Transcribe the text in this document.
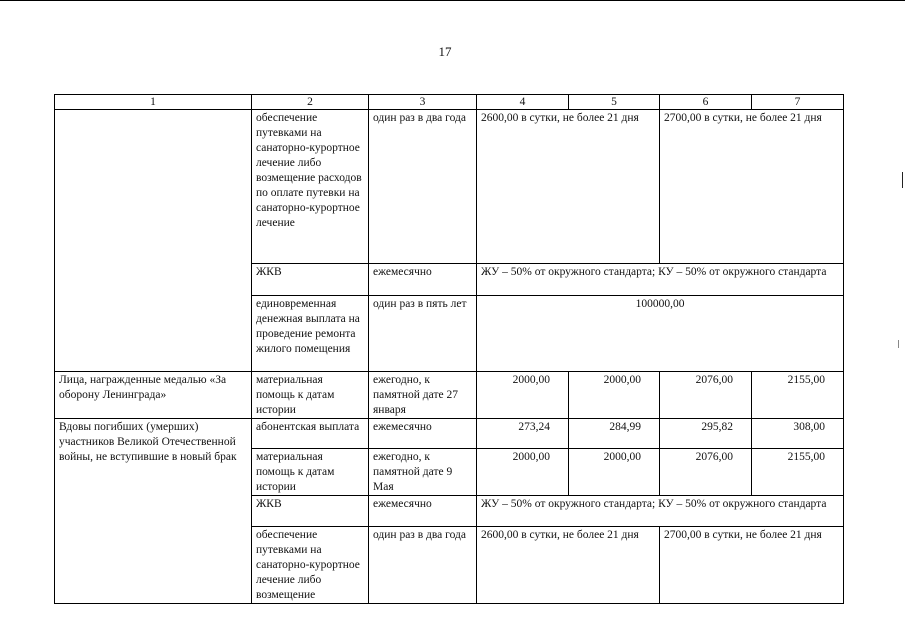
17
1	2	3	4	5	6	7
	обеспечение путевками на санаторно-курортное лечение либо возмещение расходов по оплате путевки на санаторно-курортное лечение	один раз в два года	2600,00 в сутки, не более 21 дня		2700,00 в сутки, не более 21 дня	
	ЖКВ	ежемесячно	ЖУ – 50% от окружного стандарта; КУ – 50% от окружного стандарта			
	единовременная денежная выплата на проведение ремонта жилого помещения	один раз в пять лет	100000,00			
Лица, награжденные медалью «За оборону Ленинграда»	материальная помощь к датам истории	ежегодно, к памятной дате 27 января	2000,00	2000,00	2076,00	2155,00
Вдовы погибших (умерших) участников Великой Отечественной войны, не вступившие в новый брак	абонентская выплата	ежемесячно	273,24	284,99	295,82	308,00
	материальная помощь к датам истории	ежегодно, к памятной дате 9 Мая	2000,00	2000,00	2076,00	2155,00
	ЖКВ	ежемесячно	ЖУ – 50% от окружного стандарта; КУ – 50% от окружного стандарта			
	обеспечение путевками на санаторно-курортное лечение либо возмещение	один раз в два года	2600,00 в сутки, не более 21 дня		2700,00 в сутки, не более 21 дня	
